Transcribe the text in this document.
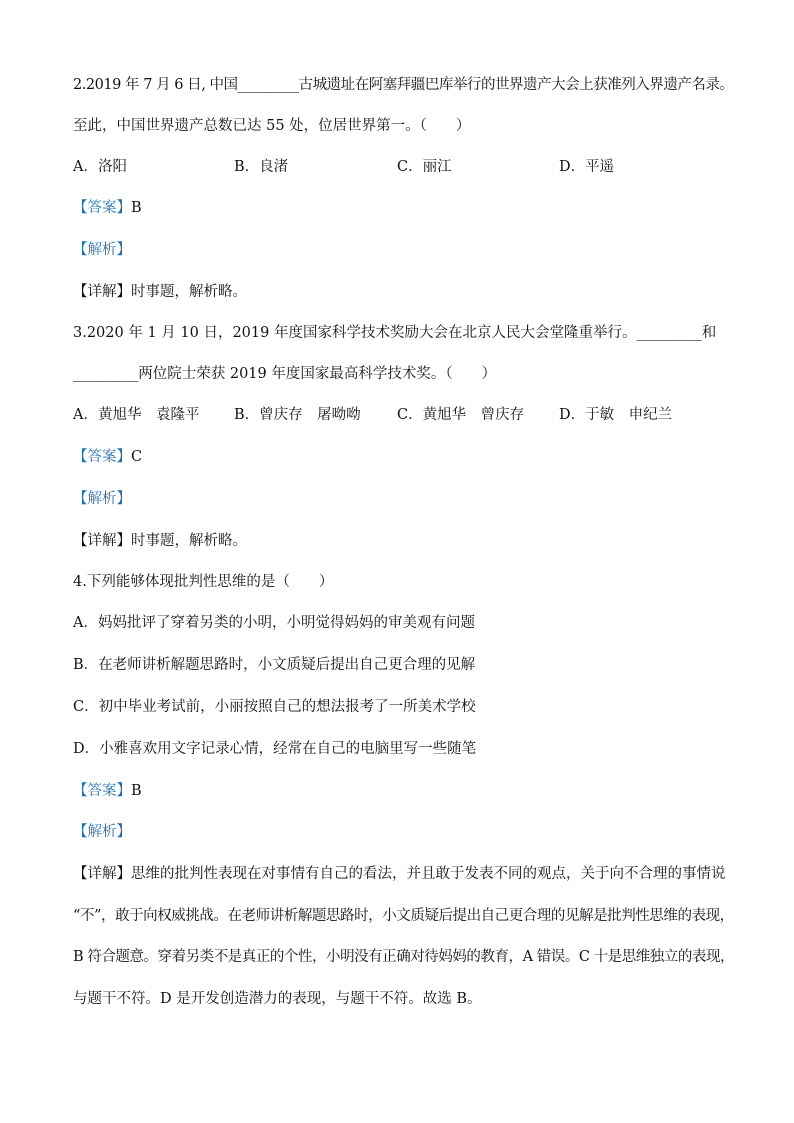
2.2019 年 7 月 6 日, 中国_________古城遗址在阿塞拜疆巴库举行的世界遗产大会上获准列入界遗产名录。
至此，中国世界遗产总数已达 55 处，位居世界第一。（　　）
A．洛阳	B．良渚	C．丽江	D．平遥
【答案】B
【解析】
【详解】时事题，解析略。
3.2020 年 1 月 10 日，2019 年度国家科学技术奖励大会在北京人民大会堂隆重举行。_________和
_________两位院士荣获 2019 年度国家最高科学技术奖。（　　）
A．黄旭华　袁隆平 B．曾庆存　屠呦呦	C．黄旭华　曾庆存 D．于敏　申纪兰
【答案】C
【解析】
【详解】时事题，解析略。
4.下列能够体现批判性思维的是（　　）
A．妈妈批评了穿着另类的小明，小明觉得妈妈的审美观有问题
B．在老师讲析解题思路时，小文质疑后提出自己更合理的见解
C．初中毕业考试前，小丽按照自己的想法报考了一所美术学校
D．小雅喜欢用文字记录心情，经常在自己的电脑里写一些随笔
【答案】B
【解析】
【详解】思维的批判性表现在对事情有自己的看法，并且敢于发表不同的观点，关于向不合理的事情说
“不”，敢于向权威挑战。在老师讲析解题思路时，小文质疑后提出自己更合理的见解是批判性思维的表现，
B 符合题意。穿着另类不是真正的个性，小明没有正确对待妈妈的教育，A 错误。C 十是思维独立的表现，
与题干不符。D 是开发创造潜力的表现，与题干不符。故选 B。
